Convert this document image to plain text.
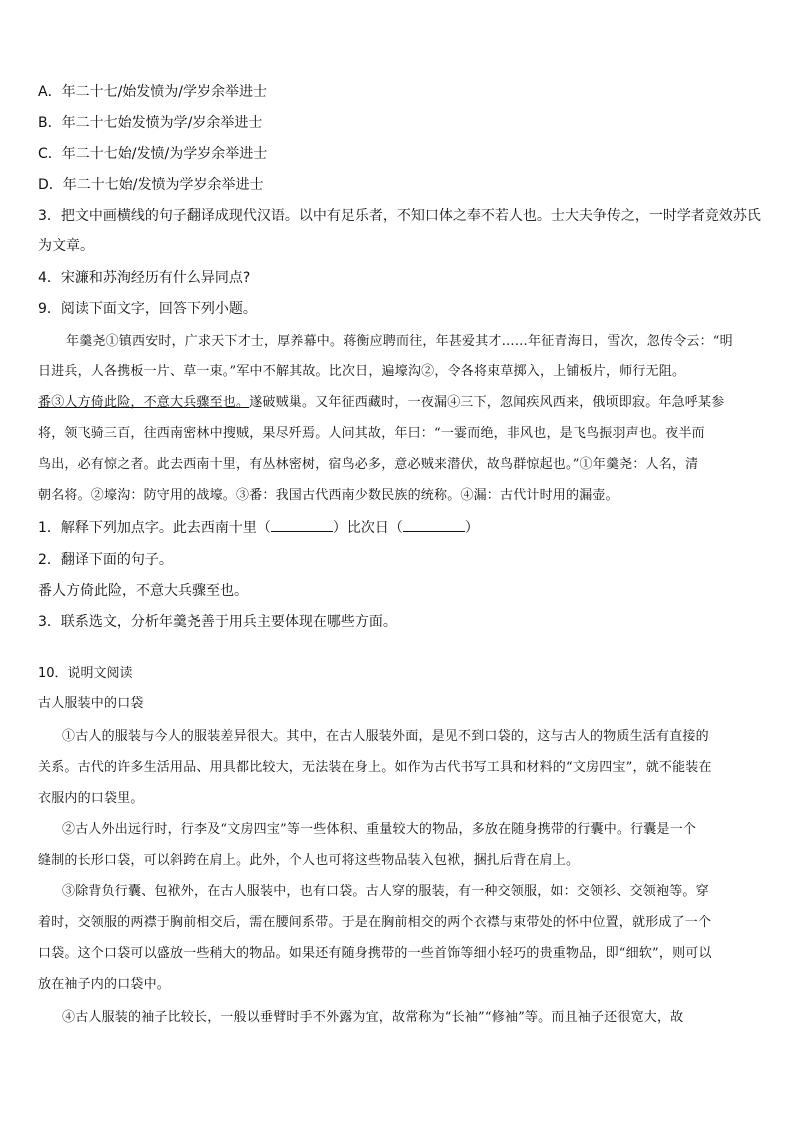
A．年二十七/始发愤为/学岁余举进士
B．年二十七始发愤为学/岁余举进士
C．年二十七始/发愤/为学岁余举进士
D．年二十七始/发愤为学岁余举进士
3．把文中画横线的句子翻译成现代汉语。以中有足乐者，不知口体之奉不若人也。士大夫争传之，一时学者竞效苏氏
为文章。
4．宋濂和苏洵经历有什么异同点?
9．阅读下面文字，回答下列小题。
年羹尧①镇西安时，广求天下才士，厚养幕中。蒋衡应聘而往，年甚爱其才……年征青海日，雪次，忽传令云：“明
日进兵，人各携板一片、草一束。”军中不解其故。比次日，遍壕沟②，令各将束草掷入，上铺板片，师行无阻。
番③人方倚此险，不意大兵骤至也。遂破贼巢。又年征西藏时，一夜漏④三下，忽闻疾风西来，俄顷即寂。年急呼某参
将，领飞骑三百，往西南密林中搜贼，果尽歼焉。人问其故，年曰：“一霎而绝，非风也，是飞鸟振羽声也。夜半而
鸟出，必有惊之者。此去西南十里，有丛林密树，宿鸟必多，意必贼来潜伏，故鸟群惊起也。”①年羹尧：人名，清
朝名将。②壕沟：防守用的战壕。③番：我国古代西南少数民族的统称。④漏：古代计时用的漏壶。
1．解释下列加点字。此去西南十里（	）比次日（	）
2．翻译下面的句子。
番人方倚此险，不意大兵骤至也。
3．联系选文，分析年羹尧善于用兵主要体现在哪些方面。
10．说明文阅读
古人服装中的口袋
①古人的服装与今人的服装差异很大。其中，在古人服装外面，是见不到口袋的，这与古人的物质生活有直接的
关系。古代的许多生活用品、用具都比较大，无法装在身上。如作为古代书写工具和材料的“文房四宝”，就不能装在
衣服内的口袋里。
②古人外出远行时，行李及“文房四宝”等一些体积、重量较大的物品，多放在随身携带的行囊中。行囊是一个
缝制的长形口袋，可以斜跨在肩上。此外，个人也可将这些物品装入包袱，捆扎后背在肩上。
③除背负行囊、包袱外，在古人服装中，也有口袋。古人穿的服装，有一种交领服，如：交领衫、交领袍等。穿
着时，交领服的两襟于胸前相交后，需在腰间系带。于是在胸前相交的两个衣襟与束带处的怀中位置，就形成了一个
口袋。这个口袋可以盛放一些稍大的物品。如果还有随身携带的一些首饰等细小轻巧的贵重物品，即“细软”，则可以
放在袖子内的口袋中。
④古人服装的袖子比较长，一般以垂臂时手不外露为宜，故常称为“长袖”“修袖”等。而且袖子还很宽大，故
